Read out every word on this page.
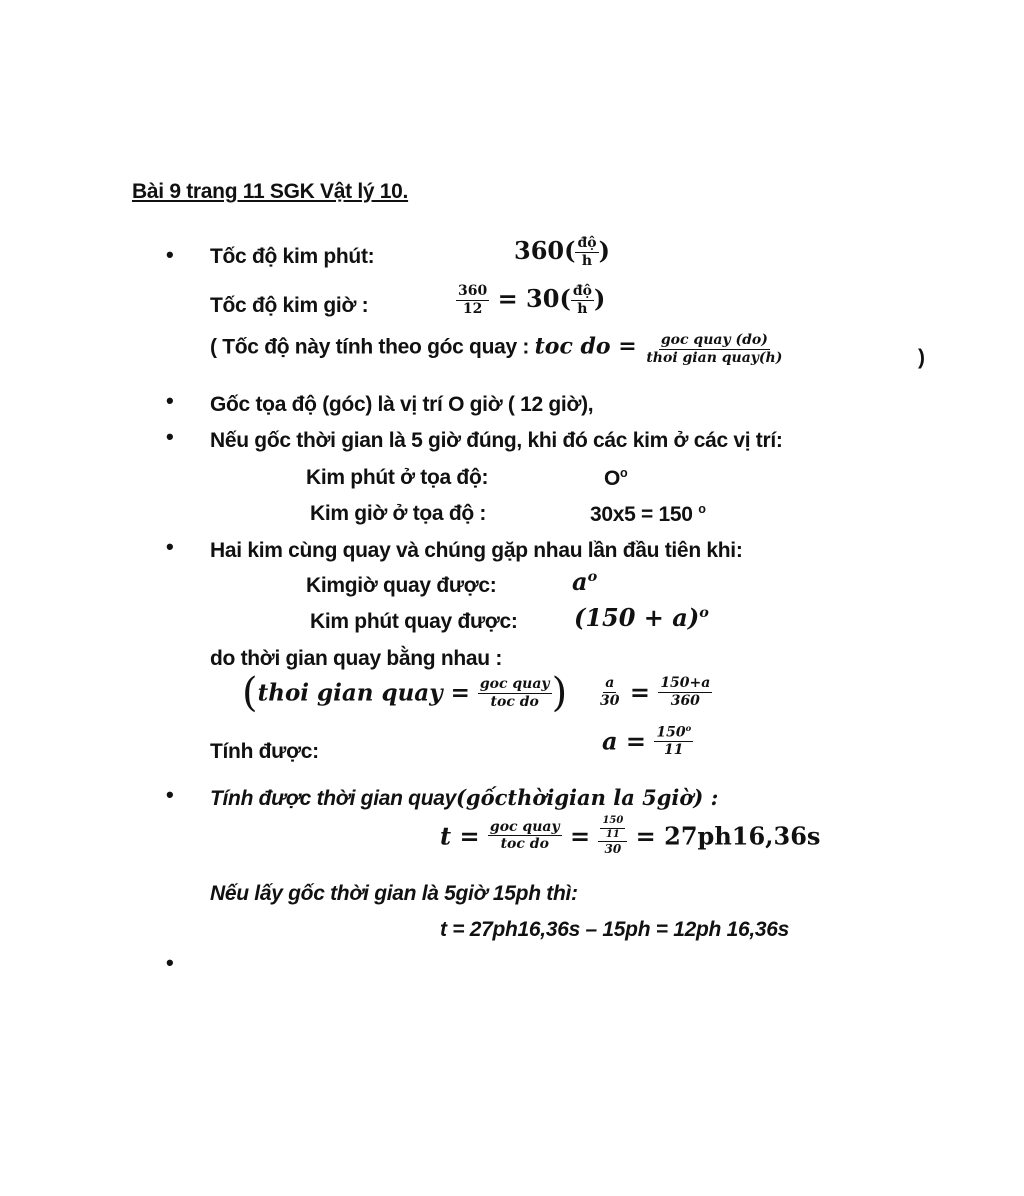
Bài 9 trang 11 SGK Vật lý 10.
•
•
•
•
•
•
Tốc độ kim phút:	$360( \frac{\text{độ}}{h}$ )
Tốc độ kim giờ :	$\frac{360}{12} = 30( \frac{\text{độ}}{h}$ )
( Tốc độ này tính theo góc quay : toc do = $\frac{\text{goc quay (do)}}{\text{thoi gian quay(h)}}$	)
Gốc tọa độ (góc) là vị trí O giờ ( 12 giờ),
Nếu gốc thời gian là 5 giờ đúng, khi đó các kim ở các vị trí:
Kim phút ở tọa độ:	$O^o$
Kim giờ ở tọa độ :	30x5 = 150 $^o$
Hai kim cùng quay và chúng gặp nhau lần đầu tiên khi:
Kimgiờ quay được:	$a^o$
Kim phút quay được: $(150 + a)^o$
do thời gian quay bằng nhau :
(thoi gian quay = $\frac{\text{goc quay}}{\text{toc do}}$ ) $\frac{a}{30} = \frac{150+a}{360}$
Tính được:	$a = \frac{150^o}{11}$
Tính được thời gian quay(gốcthờigian la 5giờ) :
$t = \frac{\text{goc quay}}{\text{toc do}} = \frac{\frac{150}{11}}{30} = 27ph16,36s$
Nếu lấy gốc thời gian là 5giờ 15ph thì:
t = 27ph16,36s – 15ph = 12ph 16,36s
